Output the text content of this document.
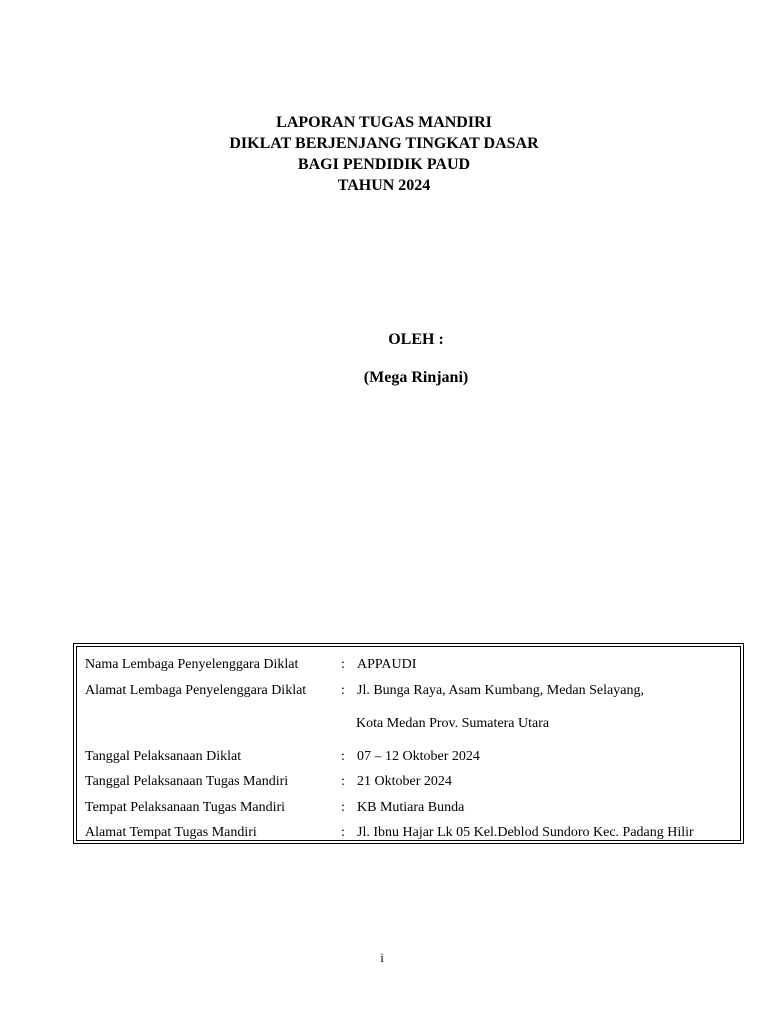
LAPORAN TUGAS MANDIRI
DIKLAT BERJENJANG TINGKAT DASAR
BAGI PENDIDIK PAUD
TAHUN 2024
OLEH :
(Mega Rinjani)
Nama Lembaga Penyelenggara Diklat	: APPAUDI
Alamat Lembaga Penyelenggara Diklat	: Jl. Bunga Raya, Asam Kumbang, Medan Selayang,
Kota Medan Prov. Sumatera Utara
Tanggal Pelaksanaan Diklat	: 07 – 12 Oktober 2024
Tanggal Pelaksanaan Tugas Mandiri	: 21 Oktober 2024
Tempat Pelaksanaan Tugas Mandiri	: KB Mutiara Bunda
Alamat Tempat Tugas Mandiri	: Jl. Ibnu Hajar Lk 05 Kel.Deblod Sundoro Kec. Padang Hilir
i
